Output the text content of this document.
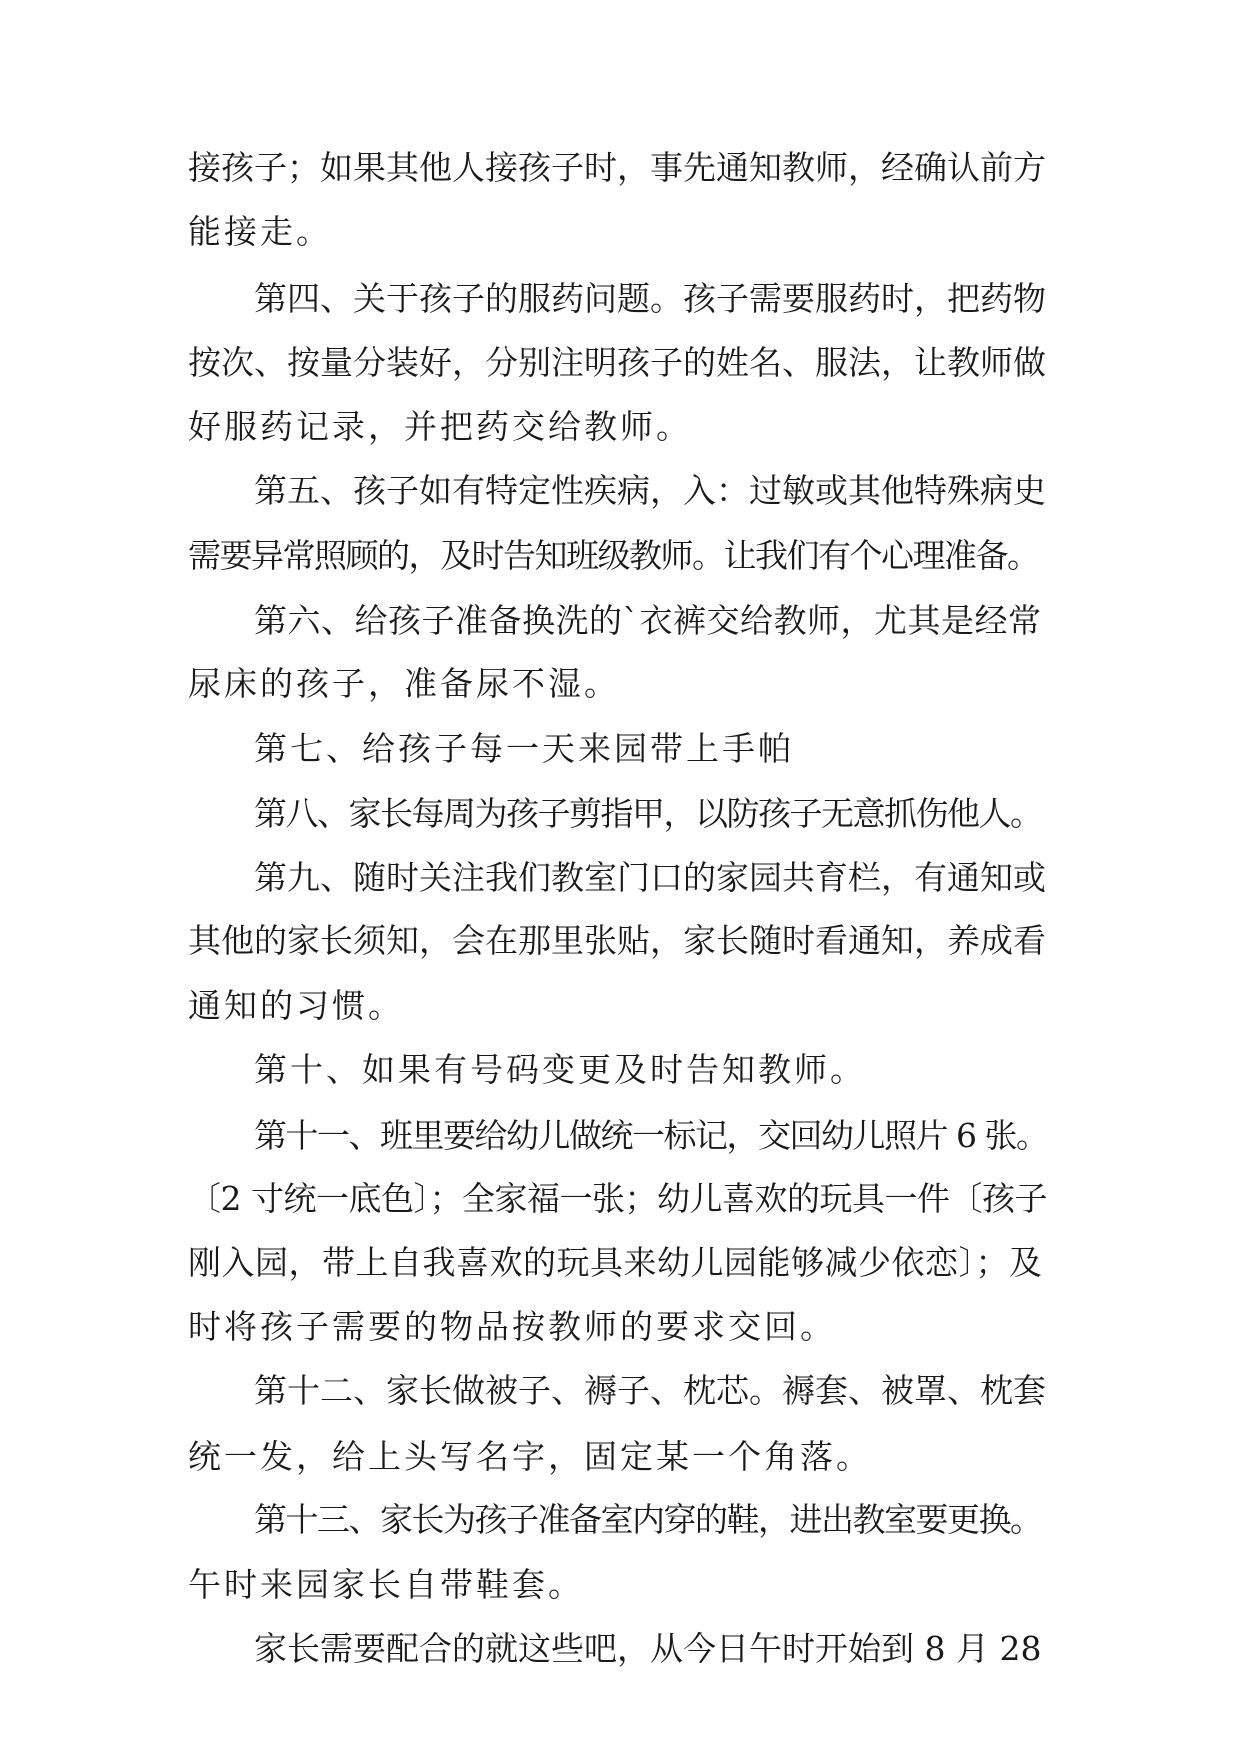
接孩子；如果其他人接孩子时，事先通知教师，经确认前方
能接走。
第四、关于孩子的服药问题。孩子需要服药时，把药物
按次、按量分装好，分别注明孩子的姓名、服法，让教师做
好服药记录，并把药交给教师。
第五、孩子如有特定性疾病，入：过敏或其他特殊病史
需要异常照顾的，及时告知班级教师。让我们有个心理准备。
第六、给孩子准备换洗的`衣裤交给教师，尤其是经常
尿床的孩子，准备尿不湿。
第七、给孩子每一天来园带上手帕
第八、家长每周为孩子剪指甲，以防孩子无意抓伤他人。
第九、随时关注我们教室门口的家园共育栏，有通知或
其他的家长须知，会在那里张贴，家长随时看通知，养成看
通知的习惯。
第十、如果有号码变更及时告知教师。
第十一、班里要给幼儿做统一标记，交回幼儿照片 6 张。
〔2 寸统一底色〕；全家福一张；幼儿喜欢的玩具一件〔孩子
刚入园，带上自我喜欢的玩具来幼儿园能够减少依恋〕；及
时将孩子需要的物品按教师的要求交回。
第十二、家长做被子、褥子、枕芯。褥套、被罩、枕套
统一发，给上头写名字，固定某一个角落。
第十三、家长为孩子准备室内穿的鞋，进出教室要更换。
午时来园家长自带鞋套。
家长需要配合的就这些吧，从今日午时开始到 8 月 28
